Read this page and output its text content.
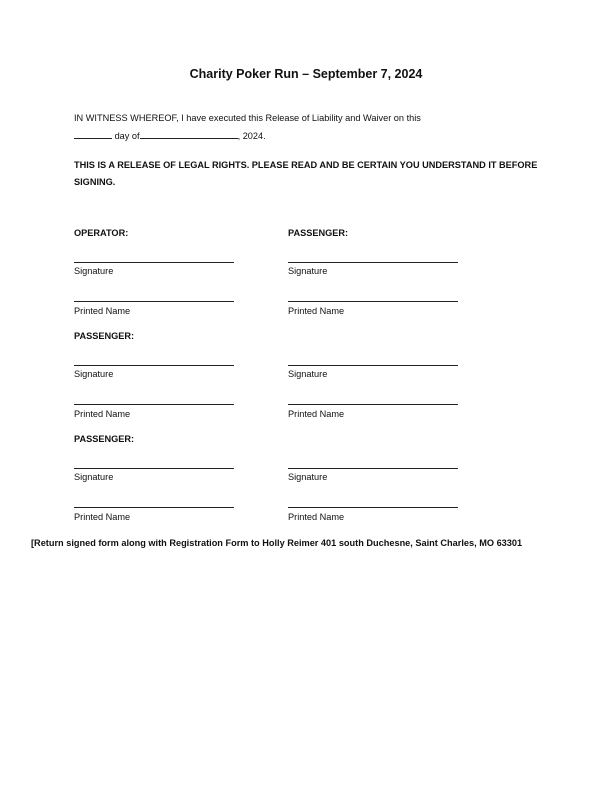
Charity Poker Run – September 7, 2024
IN WITNESS WHEREOF, I have executed this Release of Liability and Waiver on this
day of	, 2024.
THIS IS A RELEASE OF LEGAL RIGHTS. PLEASE READ AND BE CERTAIN YOU UNDERSTAND IT BEFORE SIGNING.
OPERATOR:	PASSENGER:
Signature	Signature
Printed Name	Printed Name
PASSENGER:
Signature	Signature
Printed Name	Printed Name
PASSENGER:
Signature	Signature
Printed Name	Printed Name
[Return signed form along with Registration Form to Holly Reimer 401 south Duchesne, Saint Charles, MO 63301
